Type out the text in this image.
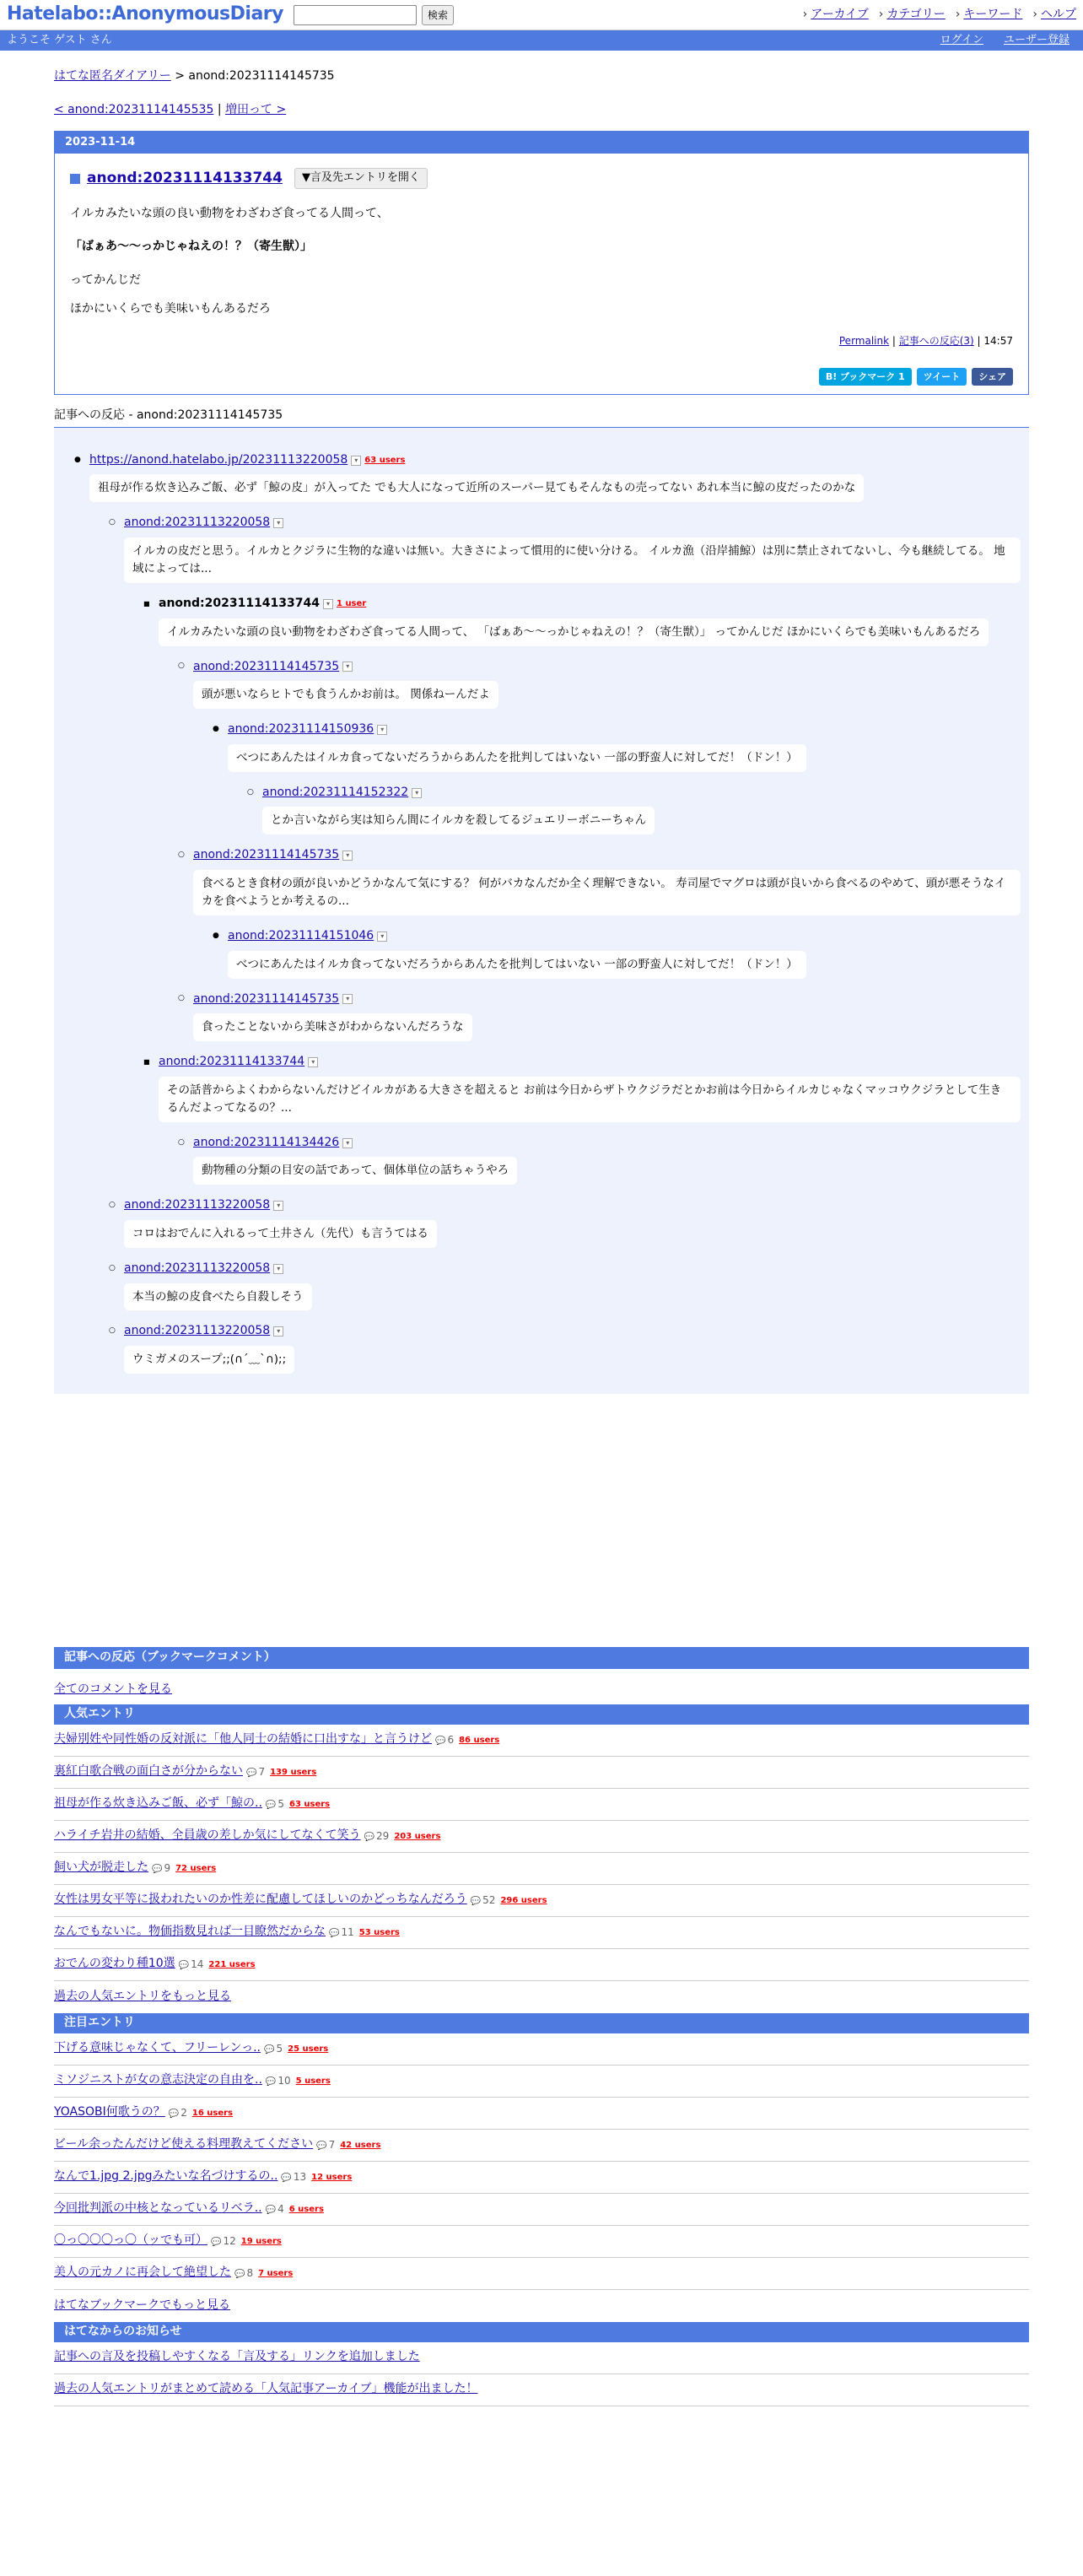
Hatelabo::AnonymousDiary	検索	› アーカイブ	› カテゴリー	› キーワード	› ヘルプ
ようこそ ゲスト さん	ログイン ユーザー登録
はてな匿名ダイアリー > anond:20231114145735
< anond:20231114145535 | 増田って >
2023-11-14
anond:20231114133744	▼言及先エントリを開く

イルカみたいな頭の良い動物をわざわざ食ってる人間って、

「ばぁあ〜〜っかじゃねえの！？（寄生獣）」

ってかんじだ

ほかにいくらでも美味いもんあるだろ

Permalink | 記事への反応(3) | 14:57
B! ブックマーク 1	ツイート	シェア
記事への反応 - anond:20231114145735
● https://anond.hatelabo.jp/20231113220058 ▾ 63 users
祖母が作る炊き込みご飯、必ず「鯨の皮」が入ってた でも大人になって近所のスーパー見てもそんなもの売ってない あれ本当に鯨の皮だったのかな
○ anond:20231113220058 ▾
イルカの皮だと思う。イルカとクジラに生物的な違いは無い。大きさによって慣用的に使い分ける。 イルカ漁（沿岸捕鯨）は別に禁止されてないし、今も継続してる。 地域によっては...
■ anond:20231114133744 ▾ 1 user
イルカみたいな頭の良い動物をわざわざ食ってる人間って、 「ばぁあ〜〜っかじゃねえの！？（寄生獣）」 ってかんじだ ほかにいくらでも美味いもんあるだろ
○ anond:20231114145735 ▾
頭が悪いならヒトでも食うんかお前は。 関係ねーんだよ
● anond:20231114150936 ▾
べつにあんたはイルカ食ってないだろうからあんたを批判してはいない 一部の野蛮人に対してだ！（ドン！）
○ anond:20231114152322 ▾
とか言いながら実は知らん間にイルカを殺してるジュエリーボニーちゃん
○ anond:20231114145735 ▾
食べるとき食材の頭が良いかどうかなんて気にする？ 何がバカなんだか全く理解できない。 寿司屋でマグロは頭が良いから食べるのやめて、頭が悪そうなイカを食べようとか考えるの...
● anond:20231114151046 ▾
べつにあんたはイルカ食ってないだろうからあんたを批判してはいない 一部の野蛮人に対してだ！（ドン！）
○ anond:20231114145735 ▾
食ったことないから美味さがわからないんだろうな
■ anond:20231114133744 ▾
その話普からよくわからないんだけどイルカがある大きさを超えると お前は今日からザトウクジラだとかお前は今日からイルカじゃなくマッコウクジラとして生きるんだよってなるの？...
○ anond:20231114134426 ▾
動物種の分類の目安の話であって、個体単位の話ちゃうやろ
○ anond:20231113220058 ▾
コロはおでんに入れるって土井さん（先代）も言うてはる
○ anond:20231113220058 ▾
本当の鯨の皮食べたら自殺しそう
○ anond:20231113220058 ▾
ウミガメのスープ;;(∩´﹏`∩);;
記事への反応（ブックマークコメント）
全てのコメントを見る
人気エントリ
夫婦別姓や同性婚の反対派に「他人同士の結婚に口出すな」と言うけど	💬 6 86 users
裏紅白歌合戦の面白さが分からない	💬 7 139 users
祖母が作る炊き込みご飯、必ず「鯨の..	💬 5 63 users
ハライチ岩井の結婚、全員歳の差しか気にしてなくて笑う	💬 29 203 users
飼い犬が脱走した	💬 9 72 users
女性は男女平等に扱われたいのか性差に配慮してほしいのかどっちなんだろう	💬 52 296 users
なんでもないに。物価指数見れば一目瞭然だからな	💬 11 53 users
おでんの変わり種10選	💬 14 221 users
過去の人気エントリをもっと見る
注目エントリ
下げる意味じゃなくて、フリーレンっ..	💬 5 25 users
ミソジニストが女の意志決定の自由を..	💬 10 5 users
YOASOBI何歌うの？	💬 2 16 users
ビール余ったんだけど使える料理教えてください	💬 7 42 users
なんで1.jpg 2.jpgみたいな名づけするの..	💬 13 12 users
今回批判派の中核となっているリベラ..	💬 4 6 users
〇っ〇〇〇っ〇（ッでも可）	💬 12 19 users
美人の元カノに再会して絶望した	💬 8 7 users
はてなブックマークでもっと見る
はてなからのお知らせ
記事への言及を投稿しやすくなる「言及する」リンクを追加しました
過去の人気エントリがまとめて読める「人気記事アーカイブ」機能が出ました！
